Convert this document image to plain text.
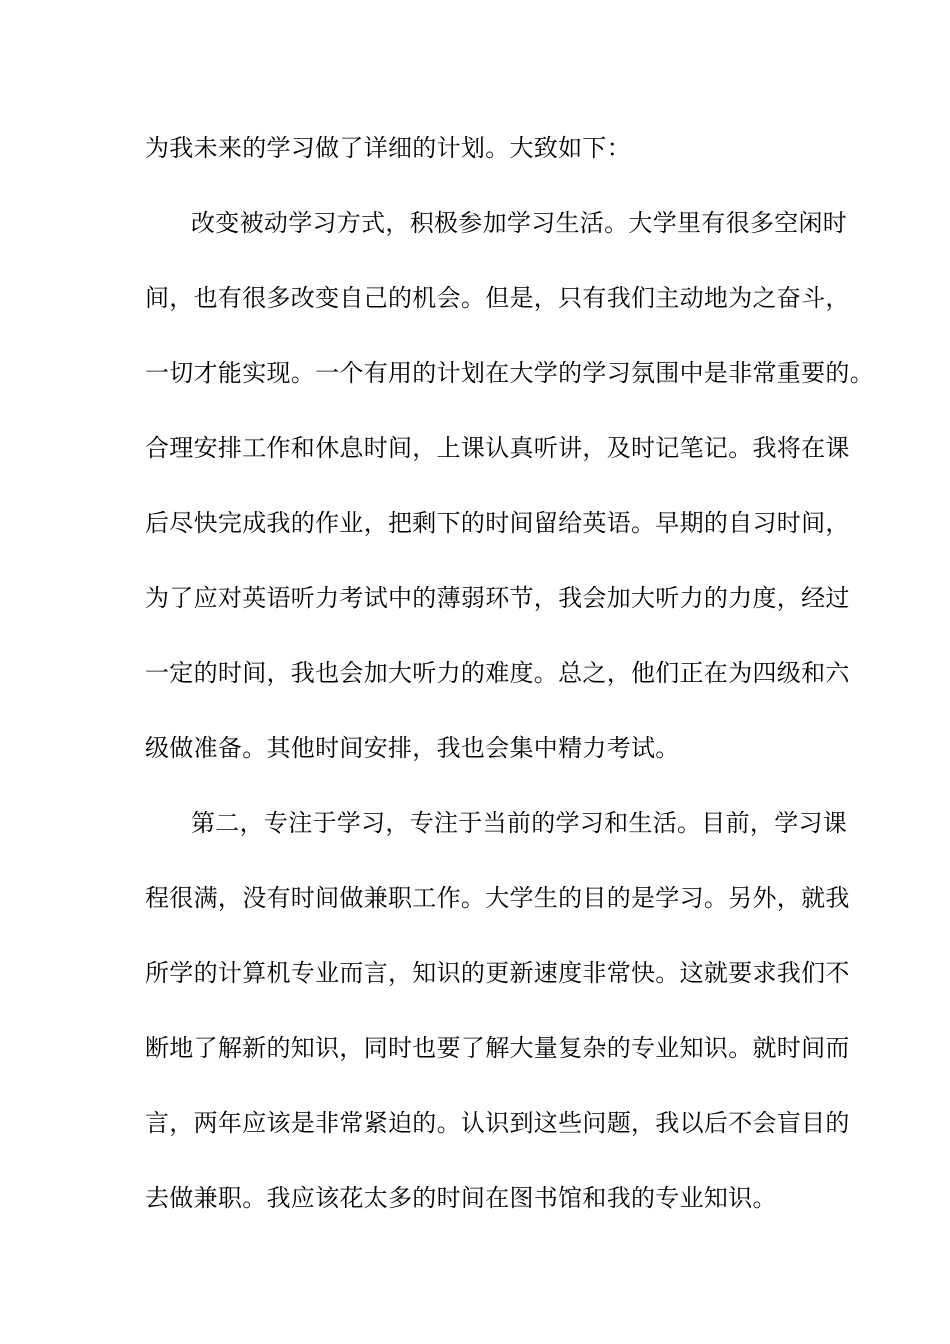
为我未来的学习做了详细的计划。大致如下：
改变被动学习方式，积极参加学习生活。大学里有很多空闲时
间，也有很多改变自己的机会。但是，只有我们主动地为之奋斗，
一切才能实现。一个有用的计划在大学的学习氛围中是非常重要的。
合理安排工作和休息时间，上课认真听讲，及时记笔记。我将在课
后尽快完成我的作业，把剩下的时间留给英语。早期的自习时间，
为了应对英语听力考试中的薄弱环节，我会加大听力的力度，经过
一定的时间，我也会加大听力的难度。总之，他们正在为四级和六
级做准备。其他时间安排，我也会集中精力考试。
第二，专注于学习，专注于当前的学习和生活。目前，学习课
程很满，没有时间做兼职工作。大学生的目的是学习。另外，就我
所学的计算机专业而言，知识的更新速度非常快。这就要求我们不
断地了解新的知识，同时也要了解大量复杂的专业知识。就时间而
言，两年应该是非常紧迫的。认识到这些问题，我以后不会盲目的
去做兼职。我应该花太多的时间在图书馆和我的专业知识。
